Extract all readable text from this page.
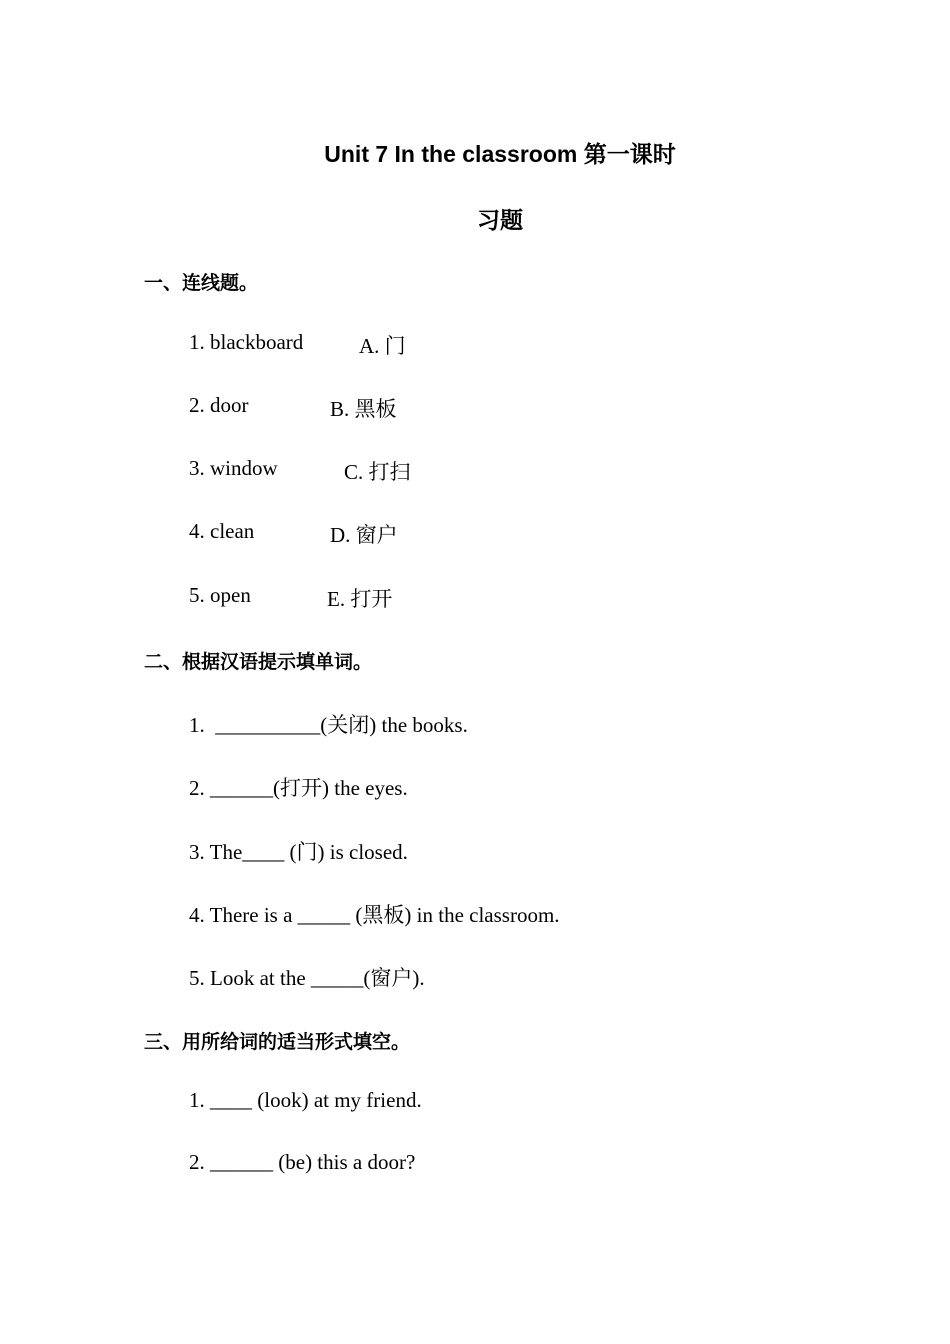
Unit 7 In the classroom 第一课时
习题
一、连线题。
1. blackboard	A. 门
2. door	B. 黑板
3. window	C. 打扫
4. clean	D. 窗户
5. open	E. 打开
二、根据汉语提示填单词。
1.  __________(关闭) the books.
2. ______(打开) the eyes.
3. The____ (门) is closed.
4. There is a _____ (黑板) in the classroom.
5. Look at the _____(窗户).
三、用所给词的适当形式填空。
1. ____ (look) at my friend.
2. ______ (be) this a door?
